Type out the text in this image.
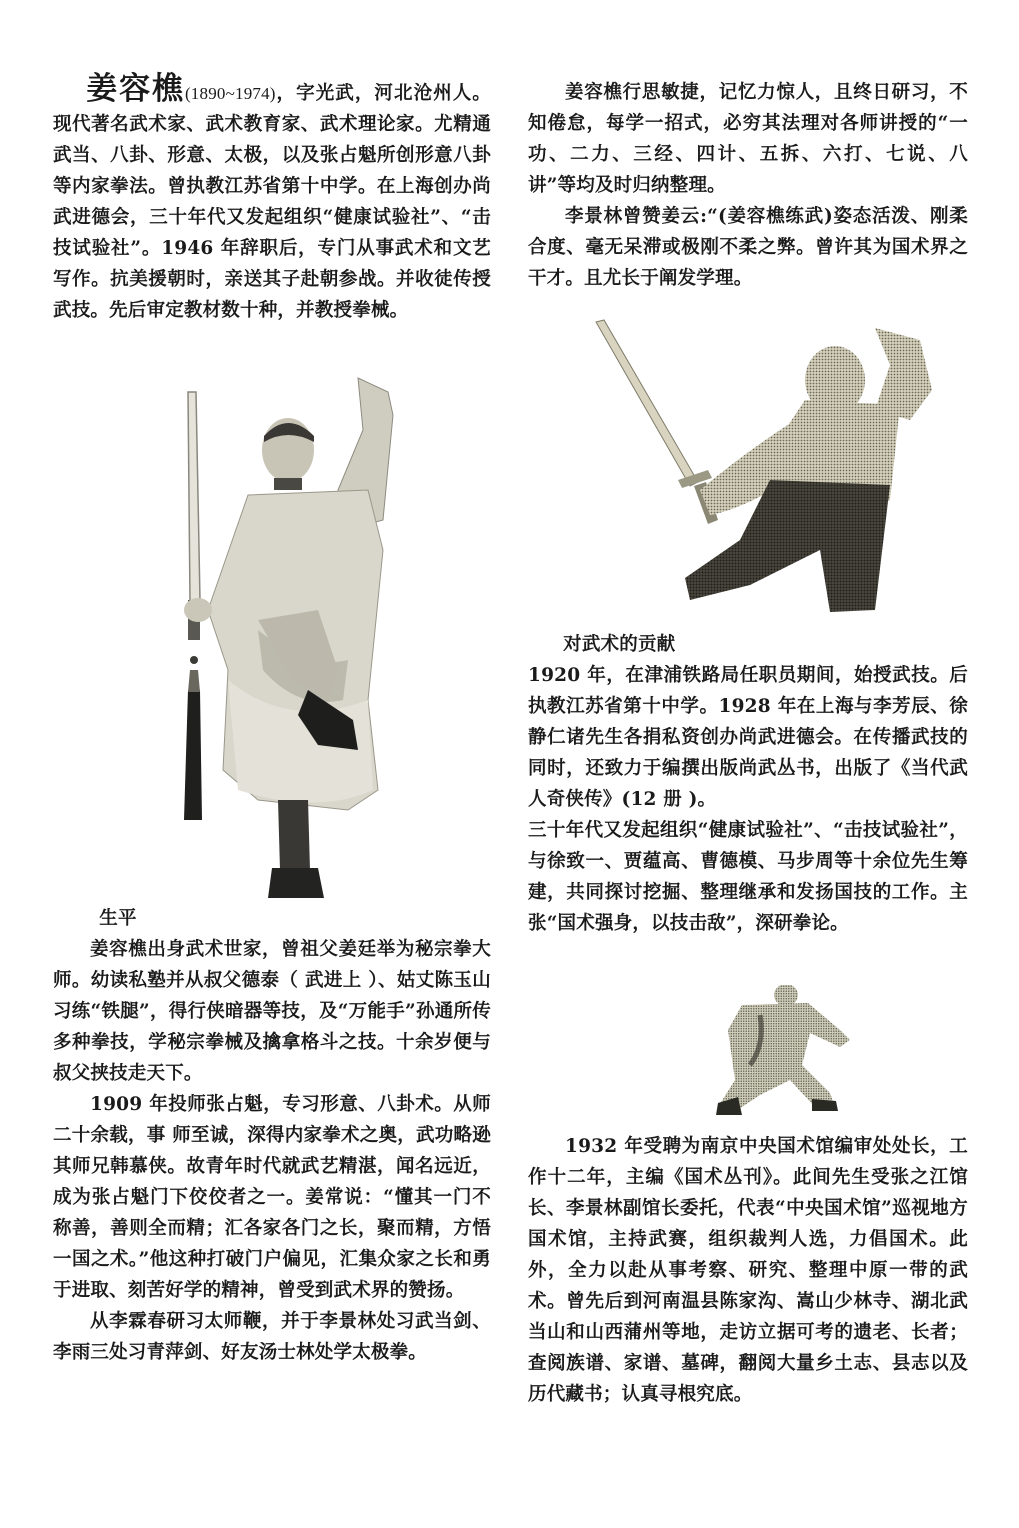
姜容樵(1890~1974)，字光武，河北沧州人。现代著名武术家、武术教育家、武术理论家。尤精通武当、八卦、形意、太极，以及张占魁所创形意八卦等内家拳法。曾执教江苏省第十中学。在上海创办尚武进德会，三十年代又发起组织“健康试验社”、“击技试验社”。1946 年辞职后，专门从事武术和文艺写作。抗美援朝时，亲送其子赴朝参战。并收徒传授武技。先后审定教材数十种，并教授拳械。

生平

姜容樵出身武术世家，曾祖父姜廷举为秘宗拳大师。幼读私塾并从叔父德泰（ 武进上 ）、姑丈陈玉山习练“铁腿”，得行侠暗器等技，及“万能手”孙通所传多种拳技，学秘宗拳械及擒拿格斗之技。十余岁便与叔父挟技走天下。

1909 年投师张占魁，专习形意、八卦术。从师二十余载，事 师至诚，深得内家拳术之奥，武功略逊其师兄韩慕侠。故青年时代就武艺精湛，闻名远近，成为张占魁门下佼佼者之一。姜常说：“懂其一门不称善，善则全而精；汇各家各门之长，聚而精，方悟一国之术。”他这种打破门户偏见，汇集众家之长和勇于进取、刻苦好学的精神，曾受到武术界的赞扬。

从李霖春研习太师鞭，并于李景林处习武当剑、李雨三处习青萍剑、好友汤士林处学太极拳。

姜容樵行思敏捷，记忆力惊人，且终日研习，不知倦怠，每学一招式，必穷其法理对各师讲授的“一功、二力、三经、四计、五拆、六打、七说、八讲”等均及时归纳整理。

李景林曾赞姜云:“(姜容樵练武)姿态活泼、刚柔合度、毫无呆滞或极刚不柔之弊。曾许其为国术界之干才。且尤长于阐发学理。

对武术的贡献

1920 年，在津浦铁路局任职员期间，始授武技。后执教江苏省第十中学。1928 年在上海与李芳辰、徐静仁诸先生各捐私资创办尚武进德会。在传播武技的同时，还致力于编撰出版尚武丛书，出版了《当代武人奇侠传》(12 册 )。

三十年代又发起组织“健康试验社”、“击技试验社”，与徐致一、贾蕴高、曹德模、马步周等十余位先生筹建，共同探讨挖掘、整理继承和发扬国技的工作。主张“国术强身，以技击敌”，深研拳论。

1932 年受聘为南京中央国术馆编审处处长，工作十二年，主编《国术丛刊》。此间先生受张之江馆长、李景林副馆长委托，代表“中央国术馆”巡视地方国术馆，主持武赛，组织裁判人选，力倡国术。此外，全力以赴从事考察、研究、整理中原一带的武术。曾先后到河南温县陈家沟、嵩山少林寺、湖北武当山和山西蒲州等地，走访立据可考的遗老、长者；查阅族谱、家谱、墓碑，翻阅大量乡土志、县志以及历代藏书；认真寻根究底。
